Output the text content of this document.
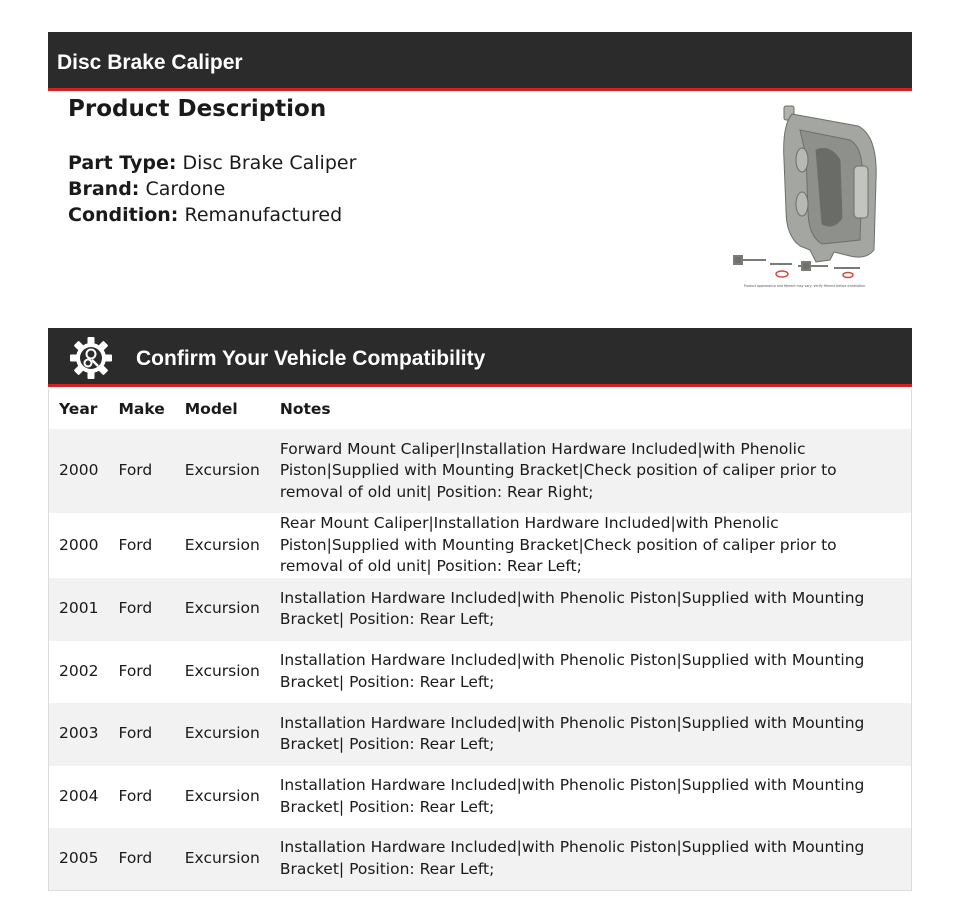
Disc Brake Caliper
Product Description
Part Type: Disc Brake Caliper
Brand: Cardone
Condition: Remanufactured
Product appearance and fitment may vary; verify fitment before installation.
Confirm Your Vehicle Compatibility
Year	Make	Model	Notes
2000	Ford	Excursion	Forward Mount Caliper|Installation Hardware Included|with Phenolic Piston|Supplied with Mounting Bracket|Check position of caliper prior to removal of old unit| Position: Rear Right;
2000	Ford	Excursion	Rear Mount Caliper|Installation Hardware Included|with Phenolic Piston|Supplied with Mounting Bracket|Check position of caliper prior to removal of old unit| Position: Rear Left;
2001	Ford	Excursion	Installation Hardware Included|with Phenolic Piston|Supplied with Mounting Bracket| Position: Rear Left;
2002	Ford	Excursion	Installation Hardware Included|with Phenolic Piston|Supplied with Mounting Bracket| Position: Rear Left;
2003	Ford	Excursion	Installation Hardware Included|with Phenolic Piston|Supplied with Mounting Bracket| Position: Rear Left;
2004	Ford	Excursion	Installation Hardware Included|with Phenolic Piston|Supplied with Mounting Bracket| Position: Rear Left;
2005	Ford	Excursion	Installation Hardware Included|with Phenolic Piston|Supplied with Mounting Bracket| Position: Rear Left;
